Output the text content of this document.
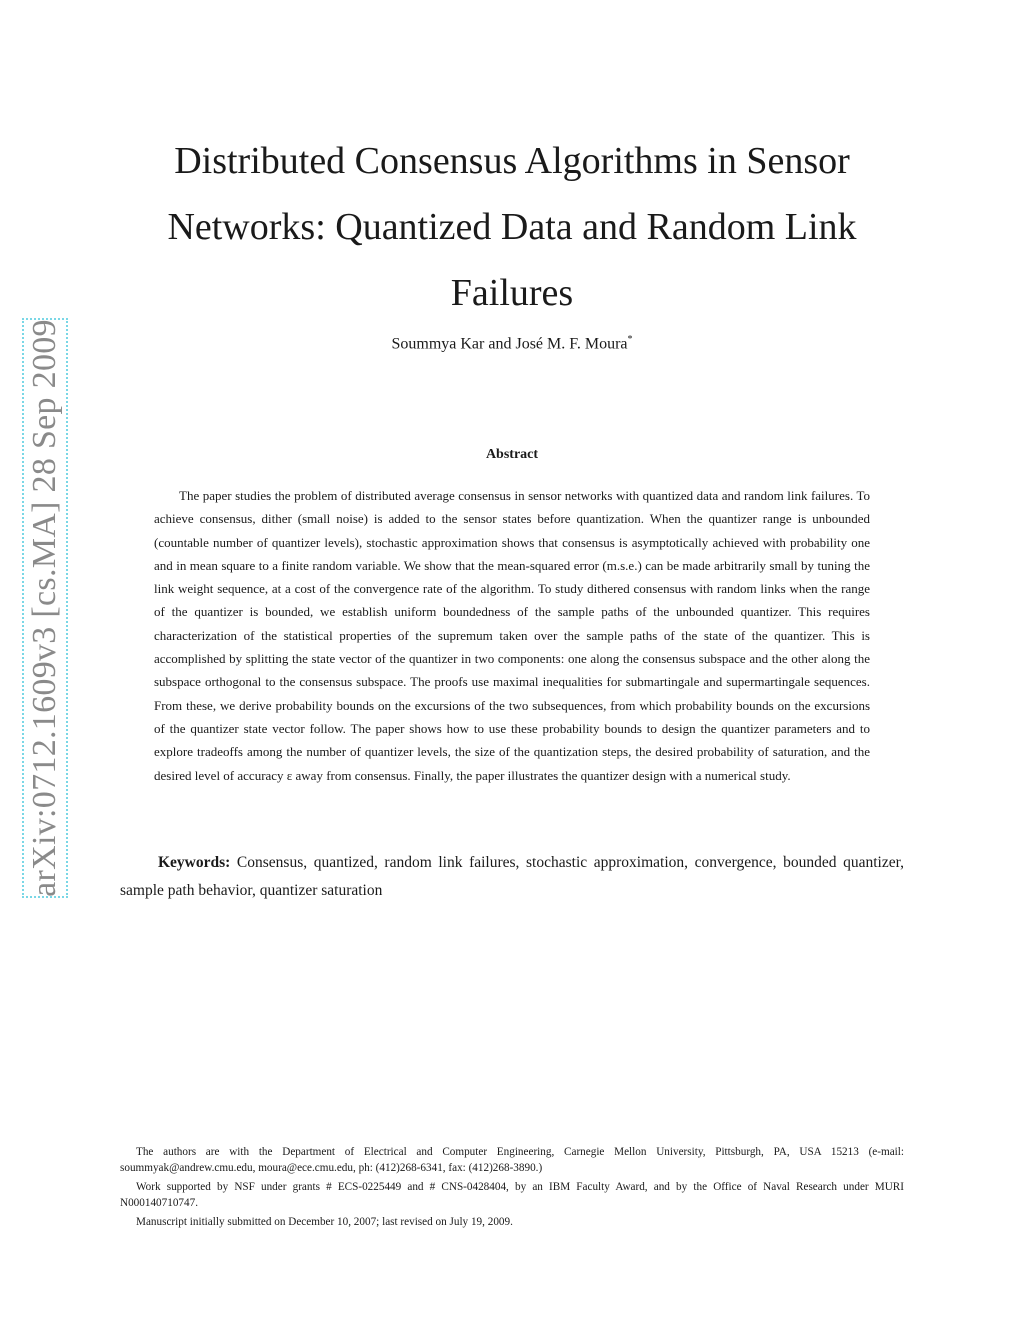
arXiv:0712.1609v3 [cs.MA] 28 Sep 2009
Distributed Consensus Algorithms in Sensor Networks: Quantized Data and Random Link Failures
Soummya Kar and José M. F. Moura*
Abstract

The paper studies the problem of distributed average consensus in sensor networks with quantized data and random link failures. To achieve consensus, dither (small noise) is added to the sensor states before quantization. When the quantizer range is unbounded (countable number of quantizer levels), stochastic approximation shows that consensus is asymptotically achieved with probability one and in mean square to a finite random variable. We show that the mean-squared error (m.s.e.) can be made arbitrarily small by tuning the link weight sequence, at a cost of the convergence rate of the algorithm. To study dithered consensus with random links when the range of the quantizer is bounded, we establish uniform boundedness of the sample paths of the unbounded quantizer. This requires characterization of the statistical properties of the supremum taken over the sample paths of the state of the quantizer. This is accomplished by splitting the state vector of the quantizer in two components: one along the consensus subspace and the other along the subspace orthogonal to the consensus subspace. The proofs use maximal inequalities for submartingale and supermartingale sequences. From these, we derive probability bounds on the excursions of the two subsequences, from which probability bounds on the excursions of the quantizer state vector follow. The paper shows how to use these probability bounds to design the quantizer parameters and to explore tradeoffs among the number of quantizer levels, the size of the quantization steps, the desired probability of saturation, and the desired level of accuracy ε away from consensus. Finally, the paper illustrates the quantizer design with a numerical study.

Keywords: Consensus, quantized, random link failures, stochastic approximation, convergence, bounded quantizer, sample path behavior, quantizer saturation

The authors are with the Department of Electrical and Computer Engineering, Carnegie Mellon University, Pittsburgh, PA, USA 15213 (e-mail: soummyak@andrew.cmu.edu, moura@ece.cmu.edu, ph: (412)268-6341, fax: (412)268-3890.)

Work supported by NSF under grants # ECS-0225449 and # CNS-0428404, by an IBM Faculty Award, and by the Office of Naval Research under MURI N000140710747.

Manuscript initially submitted on December 10, 2007; last revised on July 19, 2009.
